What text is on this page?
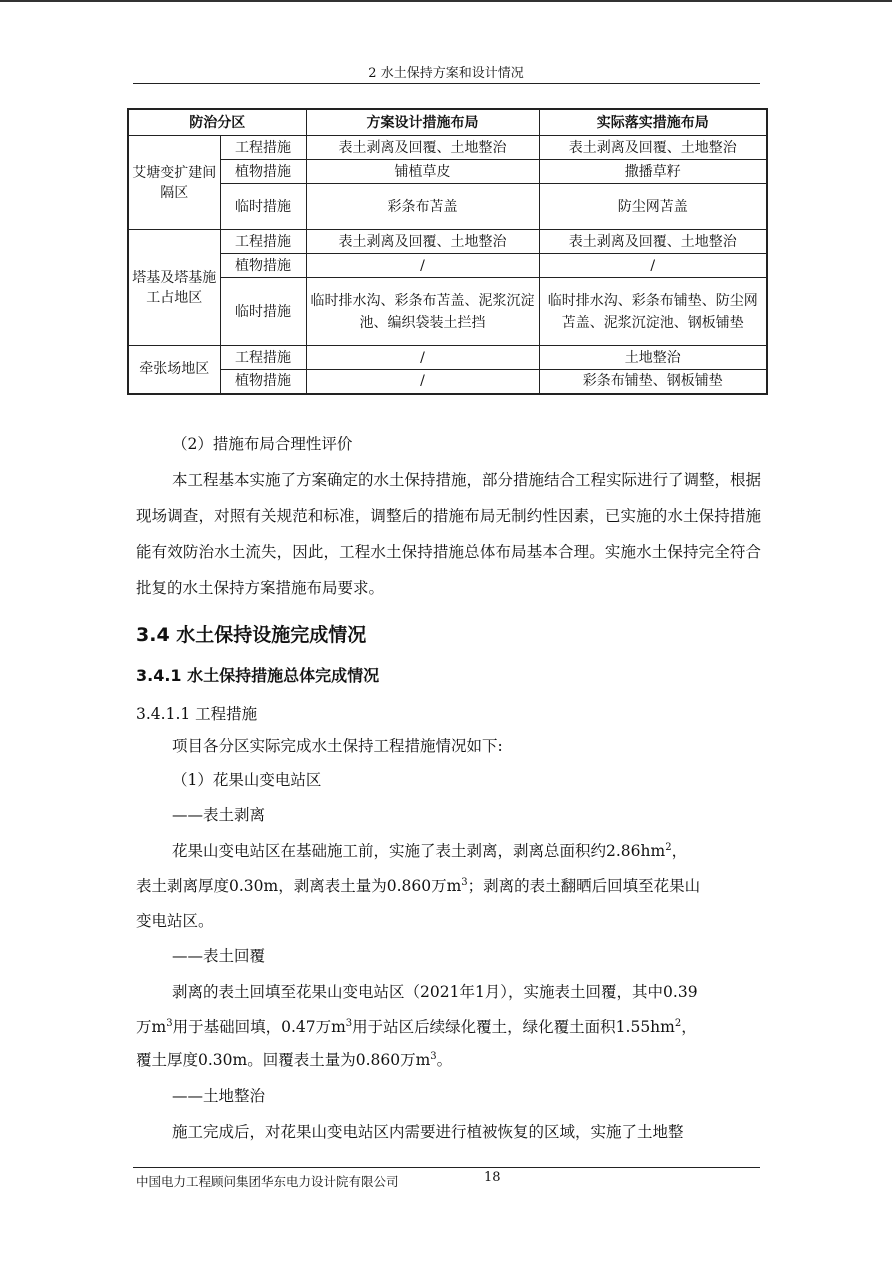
2 水土保持方案和设计情况
防治分区		方案设计措施布局	实际落实措施布局
艾塘变扩建间隔区	工程措施	表土剥离及回覆、土地整治	表土剥离及回覆、土地整治
	植物措施	铺植草皮	撒播草籽
	临时措施	彩条布苫盖	防尘网苫盖
塔基及塔基施工占地区	工程措施	表土剥离及回覆、土地整治	表土剥离及回覆、土地整治
	植物措施	/	/
	临时措施	临时排水沟、彩条布苫盖、泥浆沉淀池、编织袋装土拦挡	临时排水沟、彩条布铺垫、防尘网苫盖、泥浆沉淀池、钢板铺垫
牵张场地区	工程措施	/	土地整治
	植物措施	/	彩条布铺垫、钢板铺垫
（2）措施布局合理性评价
本工程基本实施了方案确定的水土保持措施，部分措施结合工程实际进行了调整，根据现场调查，对照有关规范和标准，调整后的措施布局无制约性因素，已实施的水土保持措施能有效防治水土流失，因此，工程水土保持措施总体布局基本合理。实施水土保持完全符合批复的水土保持方案措施布局要求。
3.4 水土保持设施完成情况
3.4.1 水土保持措施总体完成情况
3.4.1.1 工程措施
项目各分区实际完成水土保持工程措施情况如下:
（1）花果山变电站区
——表土剥离
花果山变电站区在基础施工前，实施了表土剥离，剥离总面积约$2.86hm^2$，
表土剥离厚度0.30m，剥离表土量为0.860万$m^3$；剥离的表土翻晒后回填至花果山
变电站区。
——表土回覆
剥离的表土回填至花果山变电站区（2021年1月），实施表土回覆，其中0.39
万$m^3$用于基础回填，0.47万$m^3$用于站区后续绿化覆土，绿化覆土面积$1.55hm^2$，
覆土厚度0.30m。回覆表土量为0.860万$m^3$。
——土地整治
施工完成后，对花果山变电站区内需要进行植被恢复的区域，实施了土地整
中国电力工程顾问集团华东电力设计院有限公司	18
